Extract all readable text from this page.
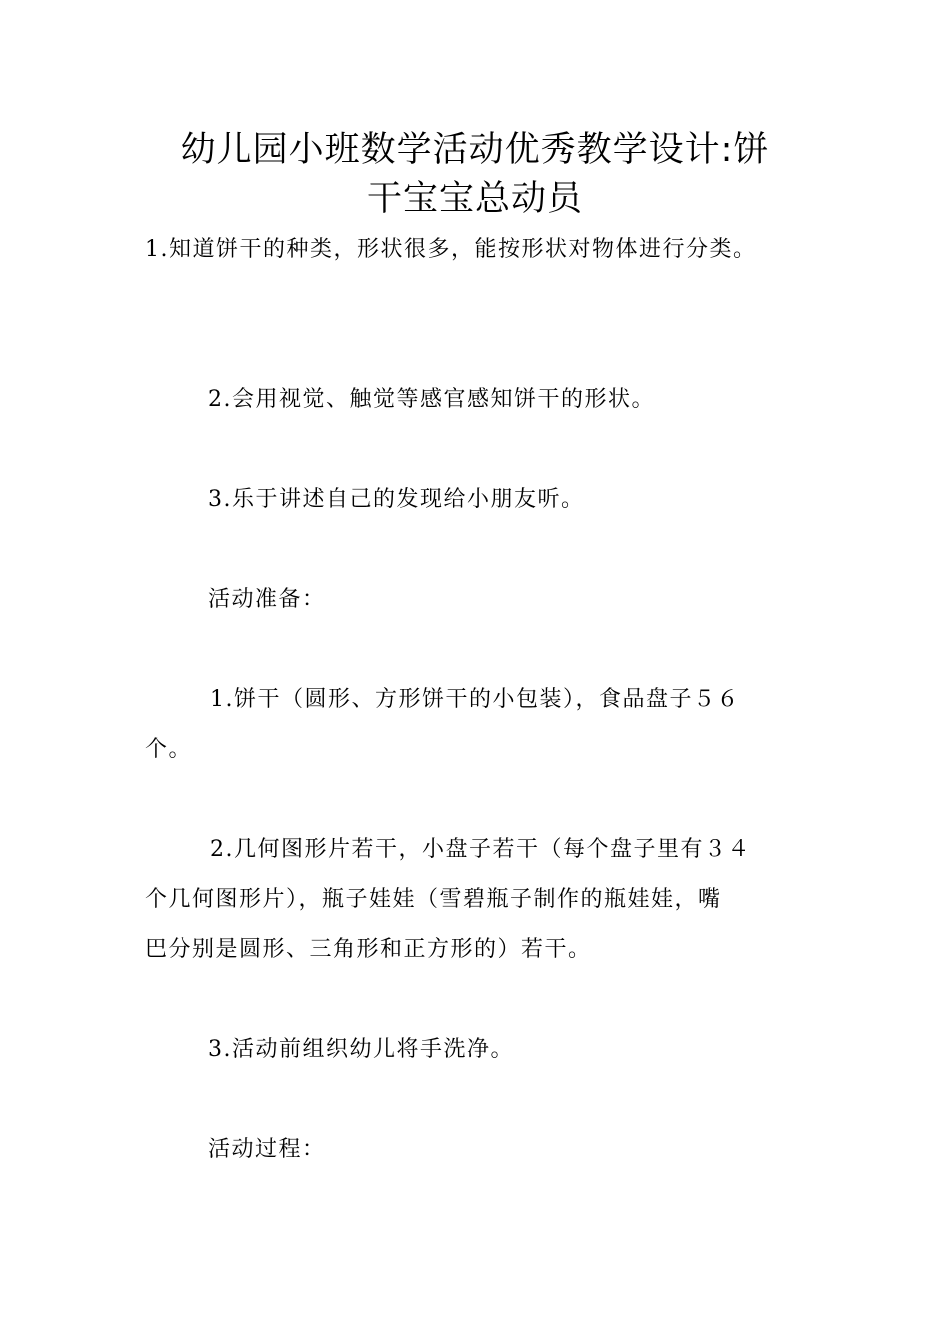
幼儿园小班数学活动优秀教学设计:饼
干宝宝总动员
1.知道饼干的种类，形状很多，能按形状对物体进行分类。
2.会用视觉、触觉等感官感知饼干的形状。
3.乐于讲述自己的发现给小朋友听。
活动准备：
1.饼干（圆形、方形饼干的小包装），食品盘子５６
个。
2.几何图形片若干，小盘子若干（每个盘子里有３４
个几何图形片），瓶子娃娃（雪碧瓶子制作的瓶娃娃，嘴
巴分别是圆形、三角形和正方形的）若干。
3.活动前组织幼儿将手洗净。
活动过程：
